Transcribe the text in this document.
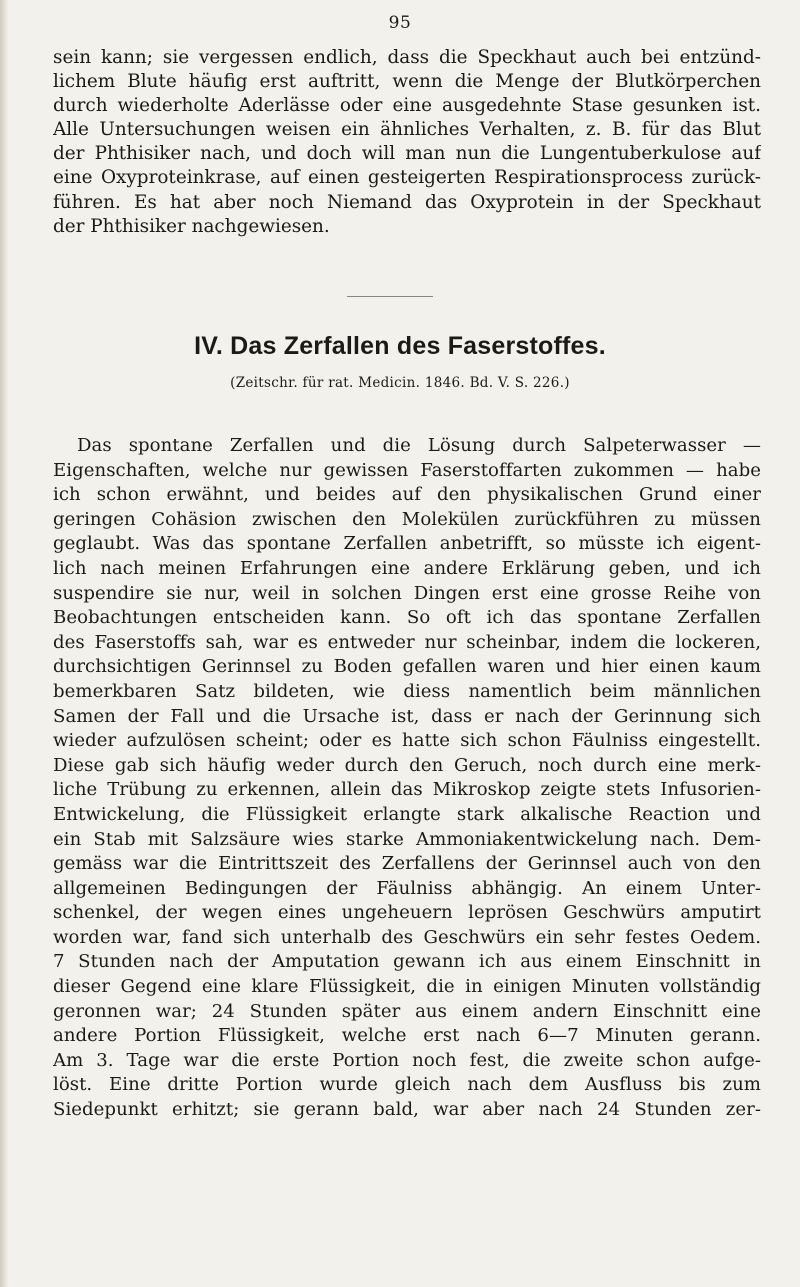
95
sein kann; sie vergessen endlich, dass die Speckhaut auch bei entzünd-
lichem Blute häufig erst auftritt, wenn die Menge der Blutkörperchen
durch wiederholte Aderlässe oder eine ausgedehnte Stase gesunken ist.
Alle Untersuchungen weisen ein ähnliches Verhalten, z. B. für das Blut
der Phthisiker nach, und doch will man nun die Lungentuberkulose auf
eine Oxyproteinkrase, auf einen gesteigerten Respirationsprocess zurück-
führen. Es hat aber noch Niemand das Oxyprotein in der Speckhaut
der Phthisiker nachgewiesen.
IV. Das Zerfallen des Faserstoffes.
(Zeitschr. für rat. Medicin. 1846. Bd. V. S. 226.)
Das spontane Zerfallen und die Lösung durch Salpeterwasser —
Eigenschaften, welche nur gewissen Faserstoffarten zukommen — habe
ich schon erwähnt, und beides auf den physikalischen Grund einer
geringen Cohäsion zwischen den Molekülen zurückführen zu müssen
geglaubt. Was das spontane Zerfallen anbetrifft, so müsste ich eigent-
lich nach meinen Erfahrungen eine andere Erklärung geben, und ich
suspendire sie nur, weil in solchen Dingen erst eine grosse Reihe von
Beobachtungen entscheiden kann. So oft ich das spontane Zerfallen
des Faserstoffs sah, war es entweder nur scheinbar, indem die lockeren,
durchsichtigen Gerinnsel zu Boden gefallen waren und hier einen kaum
bemerkbaren Satz bildeten, wie diess namentlich beim männlichen
Samen der Fall und die Ursache ist, dass er nach der Gerinnung sich
wieder aufzulösen scheint; oder es hatte sich schon Fäulniss eingestellt.
Diese gab sich häufig weder durch den Geruch, noch durch eine merk-
liche Trübung zu erkennen, allein das Mikroskop zeigte stets Infusorien-
Entwickelung, die Flüssigkeit erlangte stark alkalische Reaction und
ein Stab mit Salzsäure wies starke Ammoniakentwickelung nach. Dem-
gemäss war die Eintrittszeit des Zerfallens der Gerinnsel auch von den
allgemeinen Bedingungen der Fäulniss abhängig. An einem Unter-
schenkel, der wegen eines ungeheuern leprösen Geschwürs amputirt
worden war, fand sich unterhalb des Geschwürs ein sehr festes Oedem.
7 Stunden nach der Amputation gewann ich aus einem Einschnitt in
dieser Gegend eine klare Flüssigkeit, die in einigen Minuten vollständig
geronnen war; 24 Stunden später aus einem andern Einschnitt eine
andere Portion Flüssigkeit, welche erst nach 6—7 Minuten gerann.
Am 3. Tage war die erste Portion noch fest, die zweite schon aufge-
löst. Eine dritte Portion wurde gleich nach dem Ausfluss bis zum
Siedepunkt erhitzt; sie gerann bald, war aber nach 24 Stunden zer-
